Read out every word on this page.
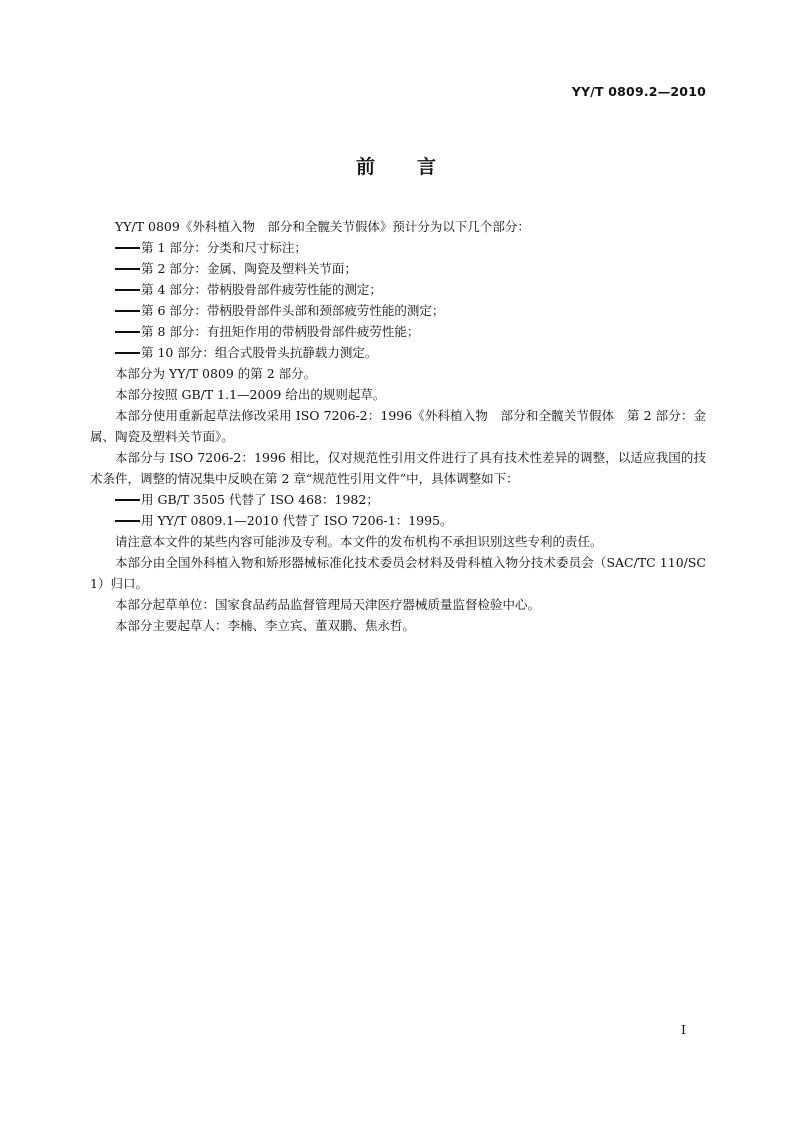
YY/T 0809.2—2010
前 言

YY/T 0809《外科植入物　部分和全髋关节假体》预计分为以下几个部分：

第 1 部分：分类和尺寸标注；

第 2 部分：金属、陶瓷及塑料关节面；

第 4 部分：带柄股骨部件疲劳性能的测定；

第 6 部分：带柄股骨部件头部和颈部疲劳性能的测定；

第 8 部分：有扭矩作用的带柄股骨部件疲劳性能；

第 10 部分：组合式股骨头抗静载力测定。

本部分为 YY/T 0809 的第 2 部分。

本部分按照 GB/T 1.1—2009 给出的规则起草。

本部分使用重新起草法修改采用 ISO 7206-2：1996《外科植入物　部分和全髋关节假体　第 2 部分：金属、陶瓷及塑料关节面》。

本部分与 ISO 7206-2：1996 相比，仅对规范性引用文件进行了具有技术性差异的调整，以适应我国的技术条件，调整的情况集中反映在第 2 章“规范性引用文件”中，具体调整如下：

用 GB/T 3505 代替了 ISO 468：1982；

用 YY/T 0809.1—2010 代替了 ISO 7206-1：1995。

请注意本文件的某些内容可能涉及专利。本文件的发布机构不承担识别这些专利的责任。

本部分由全国外科植入物和矫形器械标准化技术委员会材料及骨科植入物分技术委员会（SAC/TC 110/SC 1）归口。

本部分起草单位：国家食品药品监督管理局天津医疗器械质量监督检验中心。

本部分主要起草人：李楠、李立宾、董双鹏、焦永哲。

I
